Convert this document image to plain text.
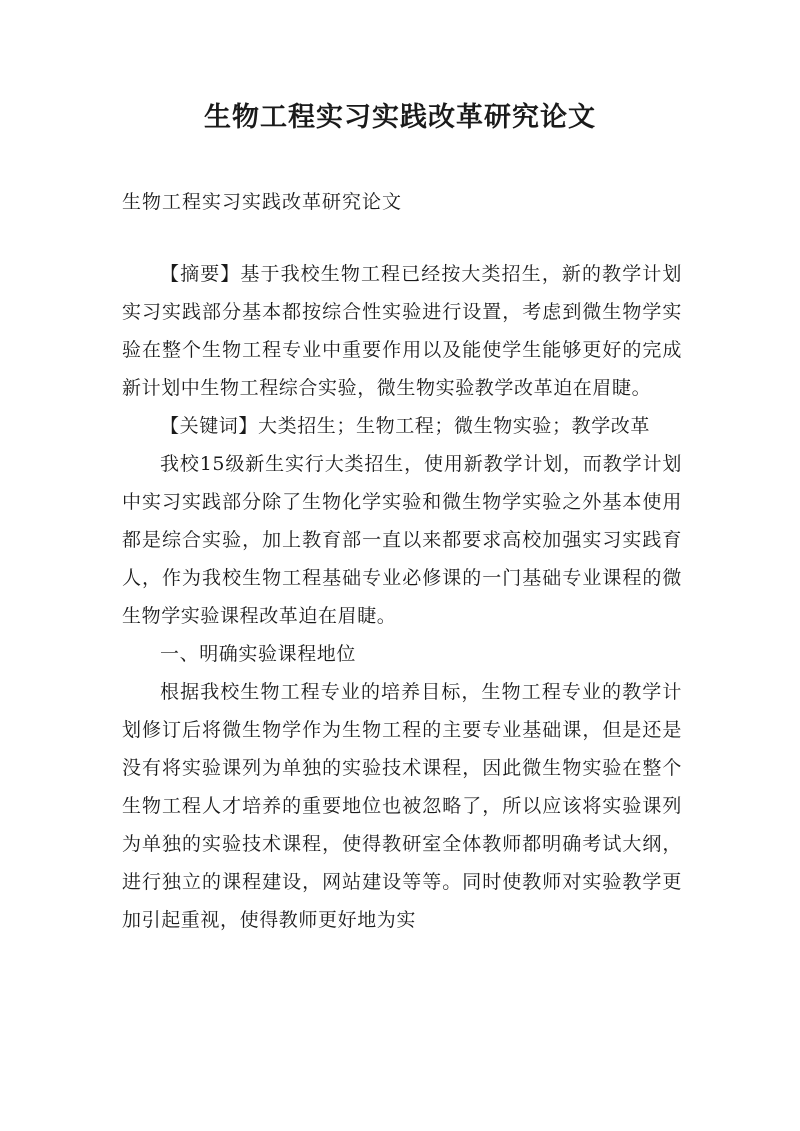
生物工程实习实践改革研究论文
生物工程实习实践改革研究论文

【摘要】基于我校生物工程已经按大类招生，新的教学计划实习实践部分基本都按综合性实验进行设置，考虑到微生物学实验在整个生物工程专业中重要作用以及能使学生能够更好的完成新计划中生物工程综合实验，微生物实验教学改革迫在眉睫。

【关键词】大类招生；生物工程；微生物实验；教学改革

我校15级新生实行大类招生，使用新教学计划，而教学计划中实习实践部分除了生物化学实验和微生物学实验之外基本使用都是综合实验，加上教育部一直以来都要求高校加强实习实践育人，作为我校生物工程基础专业必修课的一门基础专业课程的微生物学实验课程改革迫在眉睫。

一、明确实验课程地位

根据我校生物工程专业的培养目标，生物工程专业的教学计划修订后将微生物学作为生物工程的主要专业基础课，但是还是没有将实验课列为单独的实验技术课程，因此微生物实验在整个生物工程人才培养的重要地位也被忽略了，所以应该将实验课列为单独的实验技术课程，使得教研室全体教师都明确考试大纲，进行独立的课程建设，网站建设等等。同时使教师对实验教学更加引起重视，使得教师更好地为实
